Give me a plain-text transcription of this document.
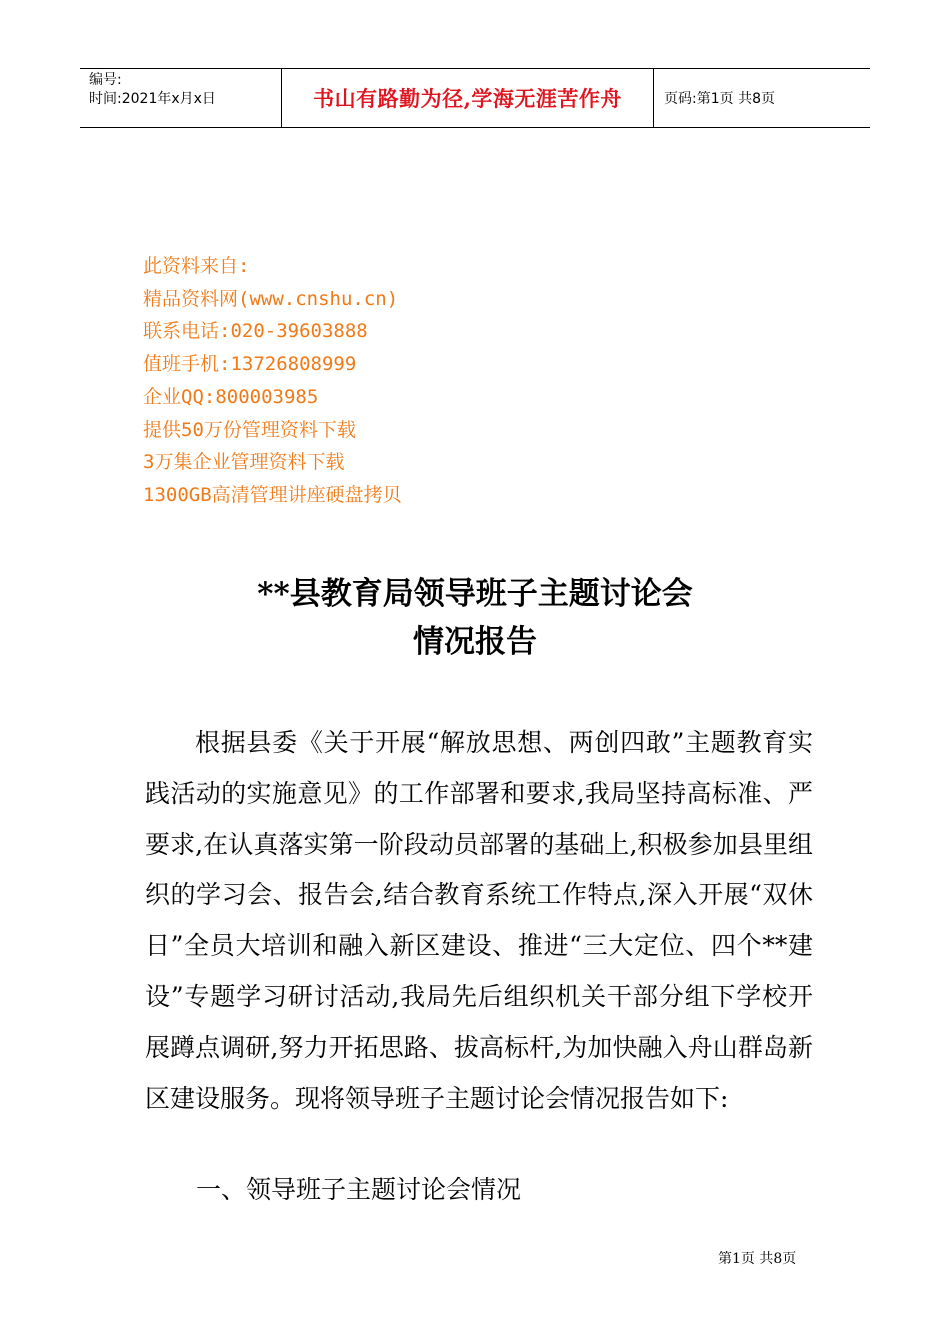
编号:
时间:2021年x月x日	书山有路勤为径,学海无涯苦作舟	页码:第1页 共8页
此资料来自:
精品资料网(www.cnshu.cn)
联系电话:020-39603888
值班手机:13726808999
企业QQ:800003985
提供50万份管理资料下载
3万集企业管理资料下载
1300GB高清管理讲座硬盘拷贝
**县教育局领导班子主题讨论会
情况报告

根据县委《关于开展“解放思想、两创四敢”主题教育实践活动的实施意见》的工作部署和要求,我局坚持高标准、严要求,在认真落实第一阶段动员部署的基础上,积极参加县里组织的学习会、报告会,结合教育系统工作特点,深入开展“双休日”全员大培训和融入新区建设、推进“三大定位、四个**建设”专题学习研讨活动,我局先后组织机关干部分组下学校开展蹲点调研,努力开拓思路、拔高标杆,为加快融入舟山群岛新区建设服务。现将领导班子主题讨论会情况报告如下:

一、领导班子主题讨论会情况
第1页 共8页
